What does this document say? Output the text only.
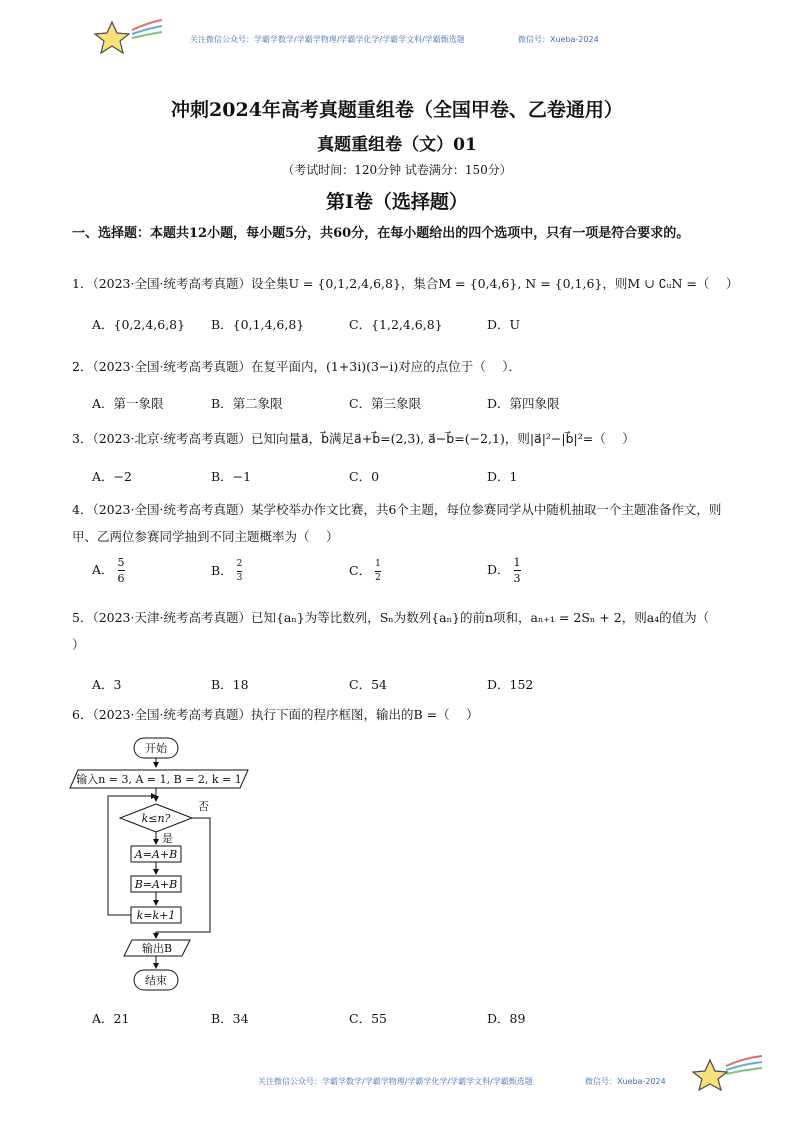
关注微信公众号：学霸学数学/学霸学物理/学霸学化学/学霸学文科/学霸甄选题	微信号：Xueba-2024
冲刺2024年高考真题重组卷（全国甲卷、乙卷通用）
真题重组卷（文）01
（考试时间：120分钟 试卷满分：150分）
第I卷（选择题）
一、选择题：本题共12小题，每小题5分，共60分，在每小题给出的四个选项中，只有一项是符合要求的。
1．（2023·全国·统考高考真题）设全集U = {0,1,2,4,6,8}，集合M = {0,4,6}, N = {0,1,6}，则M ∪ ∁ᵤN =（　 ）
A．{0,2,4,6,8} B．{0,1,4,6,8}	C．{1,2,4,6,8}	D．U
2．（2023·全国·统考高考真题）在复平面内，(1+3i)(3−i)对应的点位于（　 ）．
A．第一象限	B．第二象限	C．第三象限	D．第四象限
3．（2023·北京·统考高考真题）已知向量a⃗，b⃗满足a⃗+b⃗=(2,3), a⃗−b⃗=(−2,1)，则|a⃗|²−|b⃗|²=（　 ）
A．−2	B．−1	C．0	D．1
4．（2023·全国·统考高考真题）某学校举办作文比赛，共6个主题，每位参赛同学从中随机抽取一个主题准备作文，则甲、乙两位参赛同学抽到不同主题概率为（　 ）
A． $\frac{5}{6}$	B． $\frac{2}{3}$	C． $\frac{1}{2}$	D． $\frac{1}{3}$
5．（2023·天津·统考高考真题）已知{aₙ}为等比数列，Sₙ为数列{aₙ}的前n项和，aₙ₊₁ = 2Sₙ + 2，则a₄的值为（　 ）
A．3	B．18	C．54	D．152
6．（2023·全国·统考高考真题）执行下面的程序框图，输出的B =（　 ）
开始
输入n = 3, A = 1, B = 2, k = 1
k≤n?
否
是
A=A+B
B=A+B
k=k+1
输出B
结束
A．21	B．34	C．55	D．89
关注微信公众号：学霸学数学/学霸学物理/学霸学化学/学霸学文科/学霸甄选题	微信号：Xueba-2024
